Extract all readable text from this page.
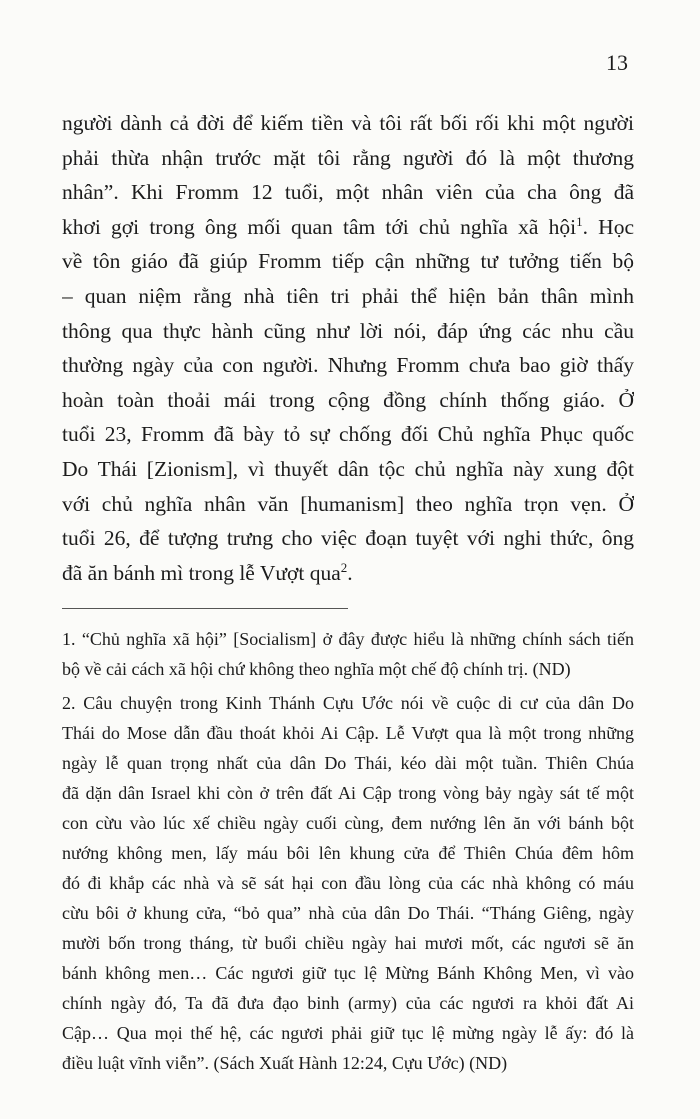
13
người dành cả đời để kiếm tiền và tôi rất bối rối khi một người
phải thừa nhận trước mặt tôi rằng người đó là một thương
nhân”. Khi Fromm 12 tuổi, một nhân viên của cha ông đã
khơi gợi trong ông mối quan tâm tới chủ nghĩa xã hội$^1$. Học
về tôn giáo đã giúp Fromm tiếp cận những tư tưởng tiến bộ
– quan niệm rằng nhà tiên tri phải thể hiện bản thân mình
thông qua thực hành cũng như lời nói, đáp ứng các nhu cầu
thường ngày của con người. Nhưng Fromm chưa bao giờ thấy
hoàn toàn thoải mái trong cộng đồng chính thống giáo. Ở
tuổi 23, Fromm đã bày tỏ sự chống đối Chủ nghĩa Phục quốc
Do Thái [Zionism], vì thuyết dân tộc chủ nghĩa này xung đột
với chủ nghĩa nhân văn [humanism] theo nghĩa trọn vẹn. Ở
tuổi 26, để tượng trưng cho việc đoạn tuyệt với nghi thức, ông
đã ăn bánh mì trong lễ Vượt qua$^2$.
1. “Chủ nghĩa xã hội” [Socialism] ở đây được hiểu là những chính sách tiến
bộ về cải cách xã hội chứ không theo nghĩa một chế độ chính trị. (ND)
2. Câu chuyện trong Kinh Thánh Cựu Ước nói về cuộc di cư của dân Do
Thái do Mose dẫn đầu thoát khỏi Ai Cập. Lễ Vượt qua là một trong những
ngày lễ quan trọng nhất của dân Do Thái, kéo dài một tuần. Thiên Chúa
đã dặn dân Israel khi còn ở trên đất Ai Cập trong vòng bảy ngày sát tế một
con cừu vào lúc xế chiều ngày cuối cùng, đem nướng lên ăn với bánh bột
nướng không men, lấy máu bôi lên khung cửa để Thiên Chúa đêm hôm
đó đi khắp các nhà và sẽ sát hại con đầu lòng của các nhà không có máu
cừu bôi ở khung cửa, “bỏ qua” nhà của dân Do Thái. “Tháng Giêng, ngày
mười bốn trong tháng, từ buổi chiều ngày hai mươi mốt, các ngươi sẽ ăn
bánh không men… Các ngươi giữ tục lệ Mừng Bánh Không Men, vì vào
chính ngày đó, Ta đã đưa đạo binh (army) của các ngươi ra khỏi đất Ai
Cập… Qua mọi thế hệ, các ngươi phải giữ tục lệ mừng ngày lễ ấy: đó là
điều luật vĩnh viễn”. (Sách Xuất Hành 12:24, Cựu Ước) (ND)
